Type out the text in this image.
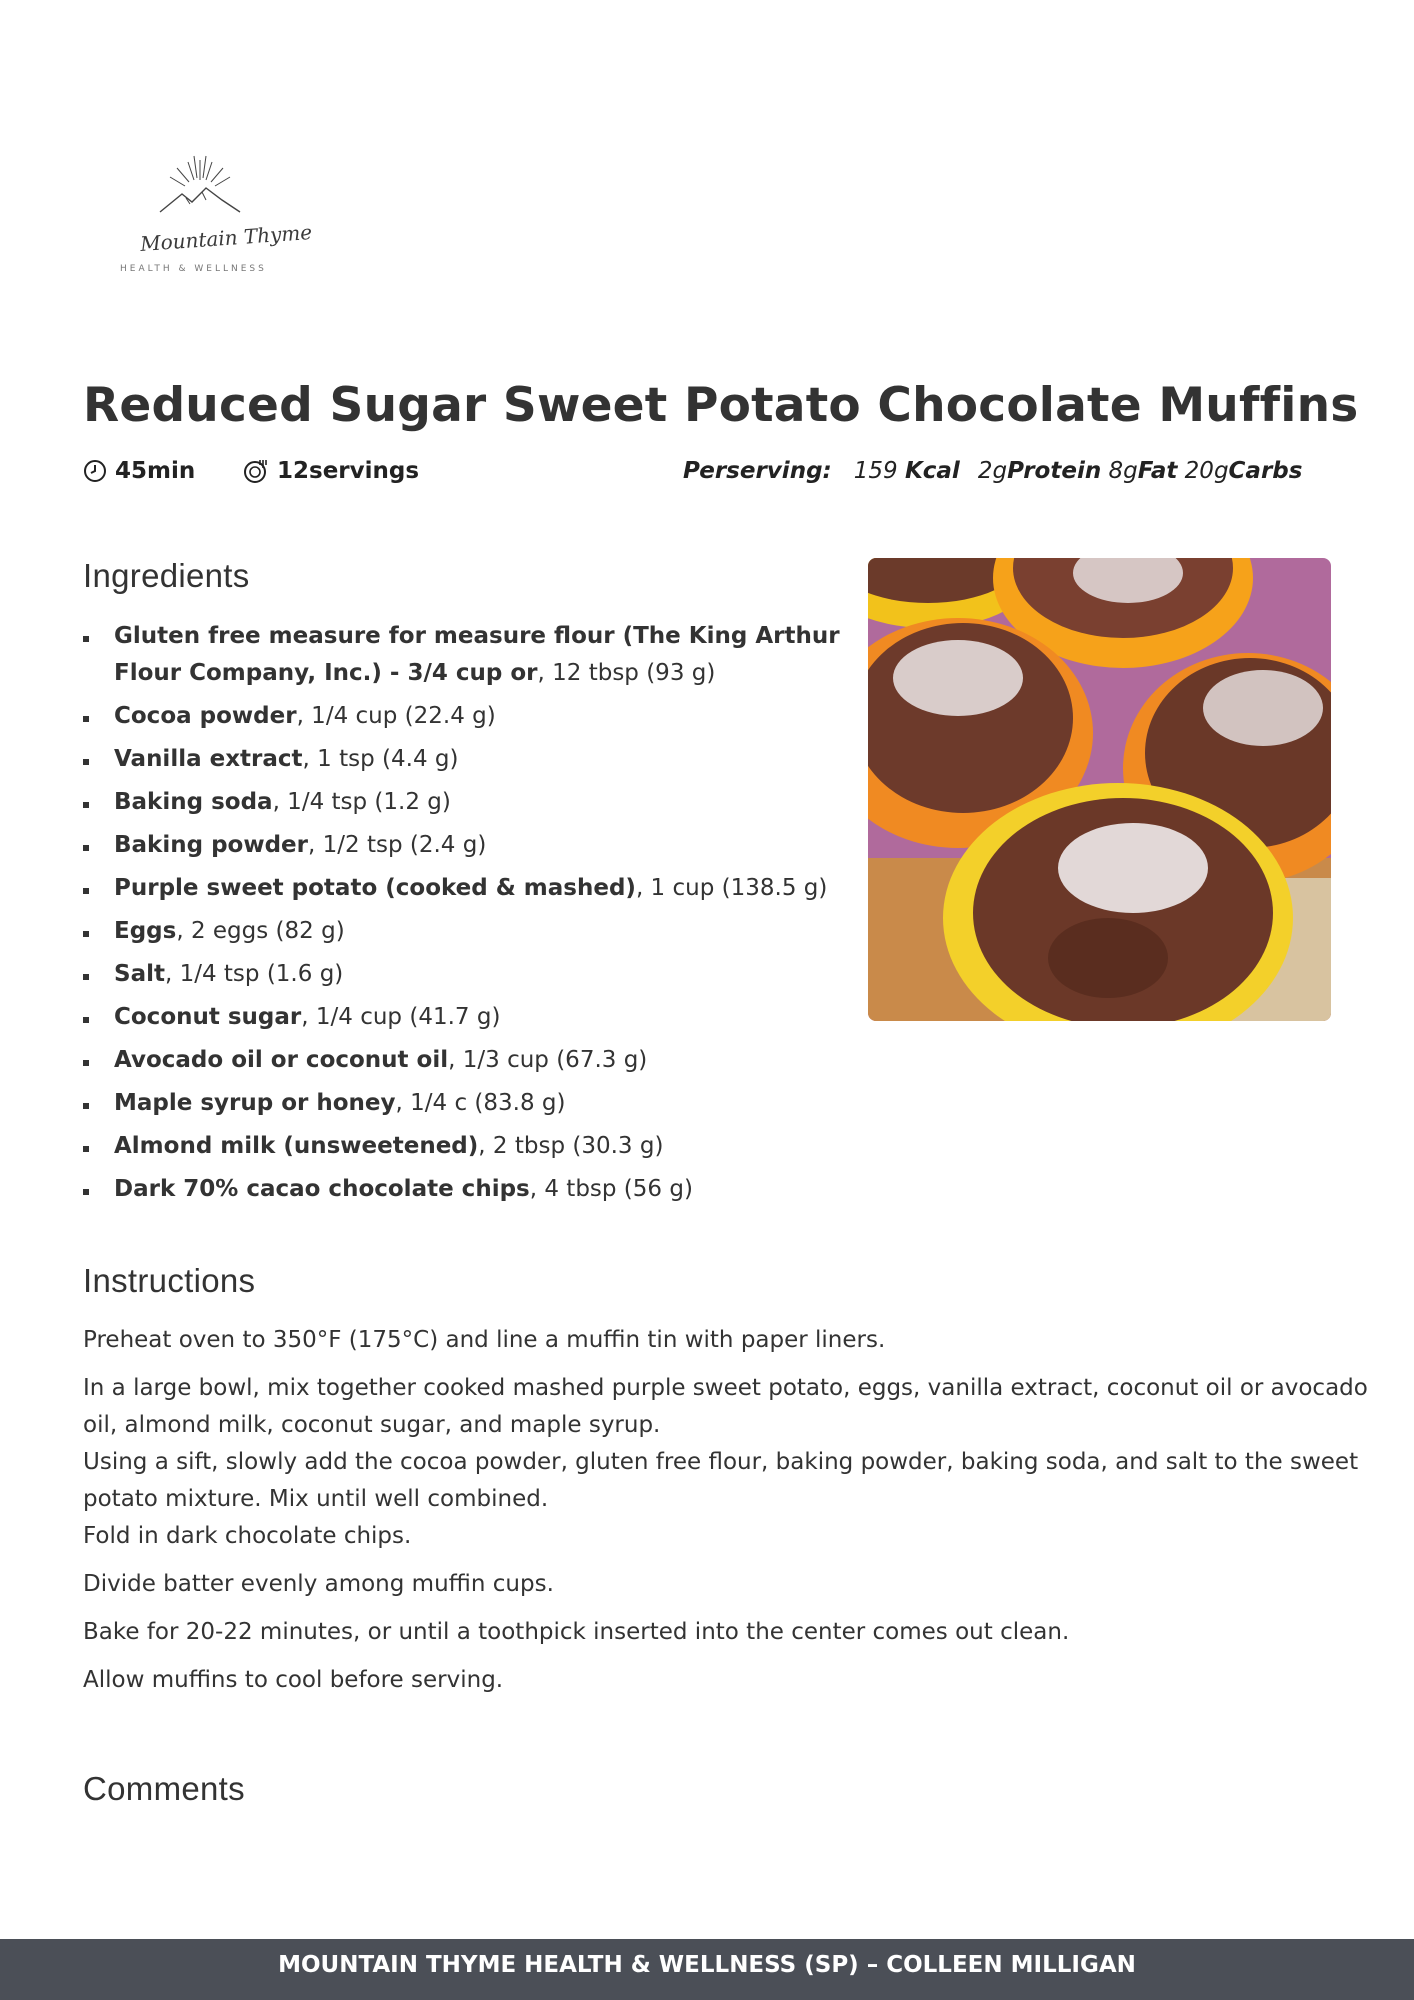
Mountain Thyme
HEALTH & WELLNESS
Reduced Sugar Sweet Potato Chocolate Muffins
45min	12servings	Perserving: 159 Kcal 2gProtein 8gFat 20gCarbs
Ingredients
Gluten free measure for measure flour (The King Arthur Flour Company, Inc.) - 3/4 cup or, 12 tbsp (93 g)
Cocoa powder, 1/4 cup (22.4 g)
Vanilla extract, 1 tsp (4.4 g)
Baking soda, 1/4 tsp (1.2 g)
Baking powder, 1/2 tsp (2.4 g)
Purple sweet potato (cooked & mashed), 1 cup (138.5 g)
Eggs, 2 eggs (82 g)
Salt, 1/4 tsp (1.6 g)
Coconut sugar, 1/4 cup (41.7 g)
Avocado oil or coconut oil, 1/3 cup (67.3 g)
Maple syrup or honey, 1/4 c (83.8 g)
Almond milk (unsweetened), 2 tbsp (30.3 g)
Dark 70% cacao chocolate chips, 4 tbsp (56 g)
Instructions

Preheat oven to 350°F (175°C) and line a muffin tin with paper liners.

In a large bowl, mix together cooked mashed purple sweet potato, eggs, vanilla extract, coconut oil or avocado oil, almond milk, coconut sugar, and maple syrup.

Using a sift, slowly add the cocoa powder, gluten free flour, baking powder, baking soda, and salt to the sweet potato mixture. Mix until well combined.

Fold in dark chocolate chips.

Divide batter evenly among muffin cups.

Bake for 20-22 minutes, or until a toothpick inserted into the center comes out clean.

Allow muffins to cool before serving.

Comments
MOUNTAIN THYME HEALTH & WELLNESS (SP) – COLLEEN MILLIGAN
